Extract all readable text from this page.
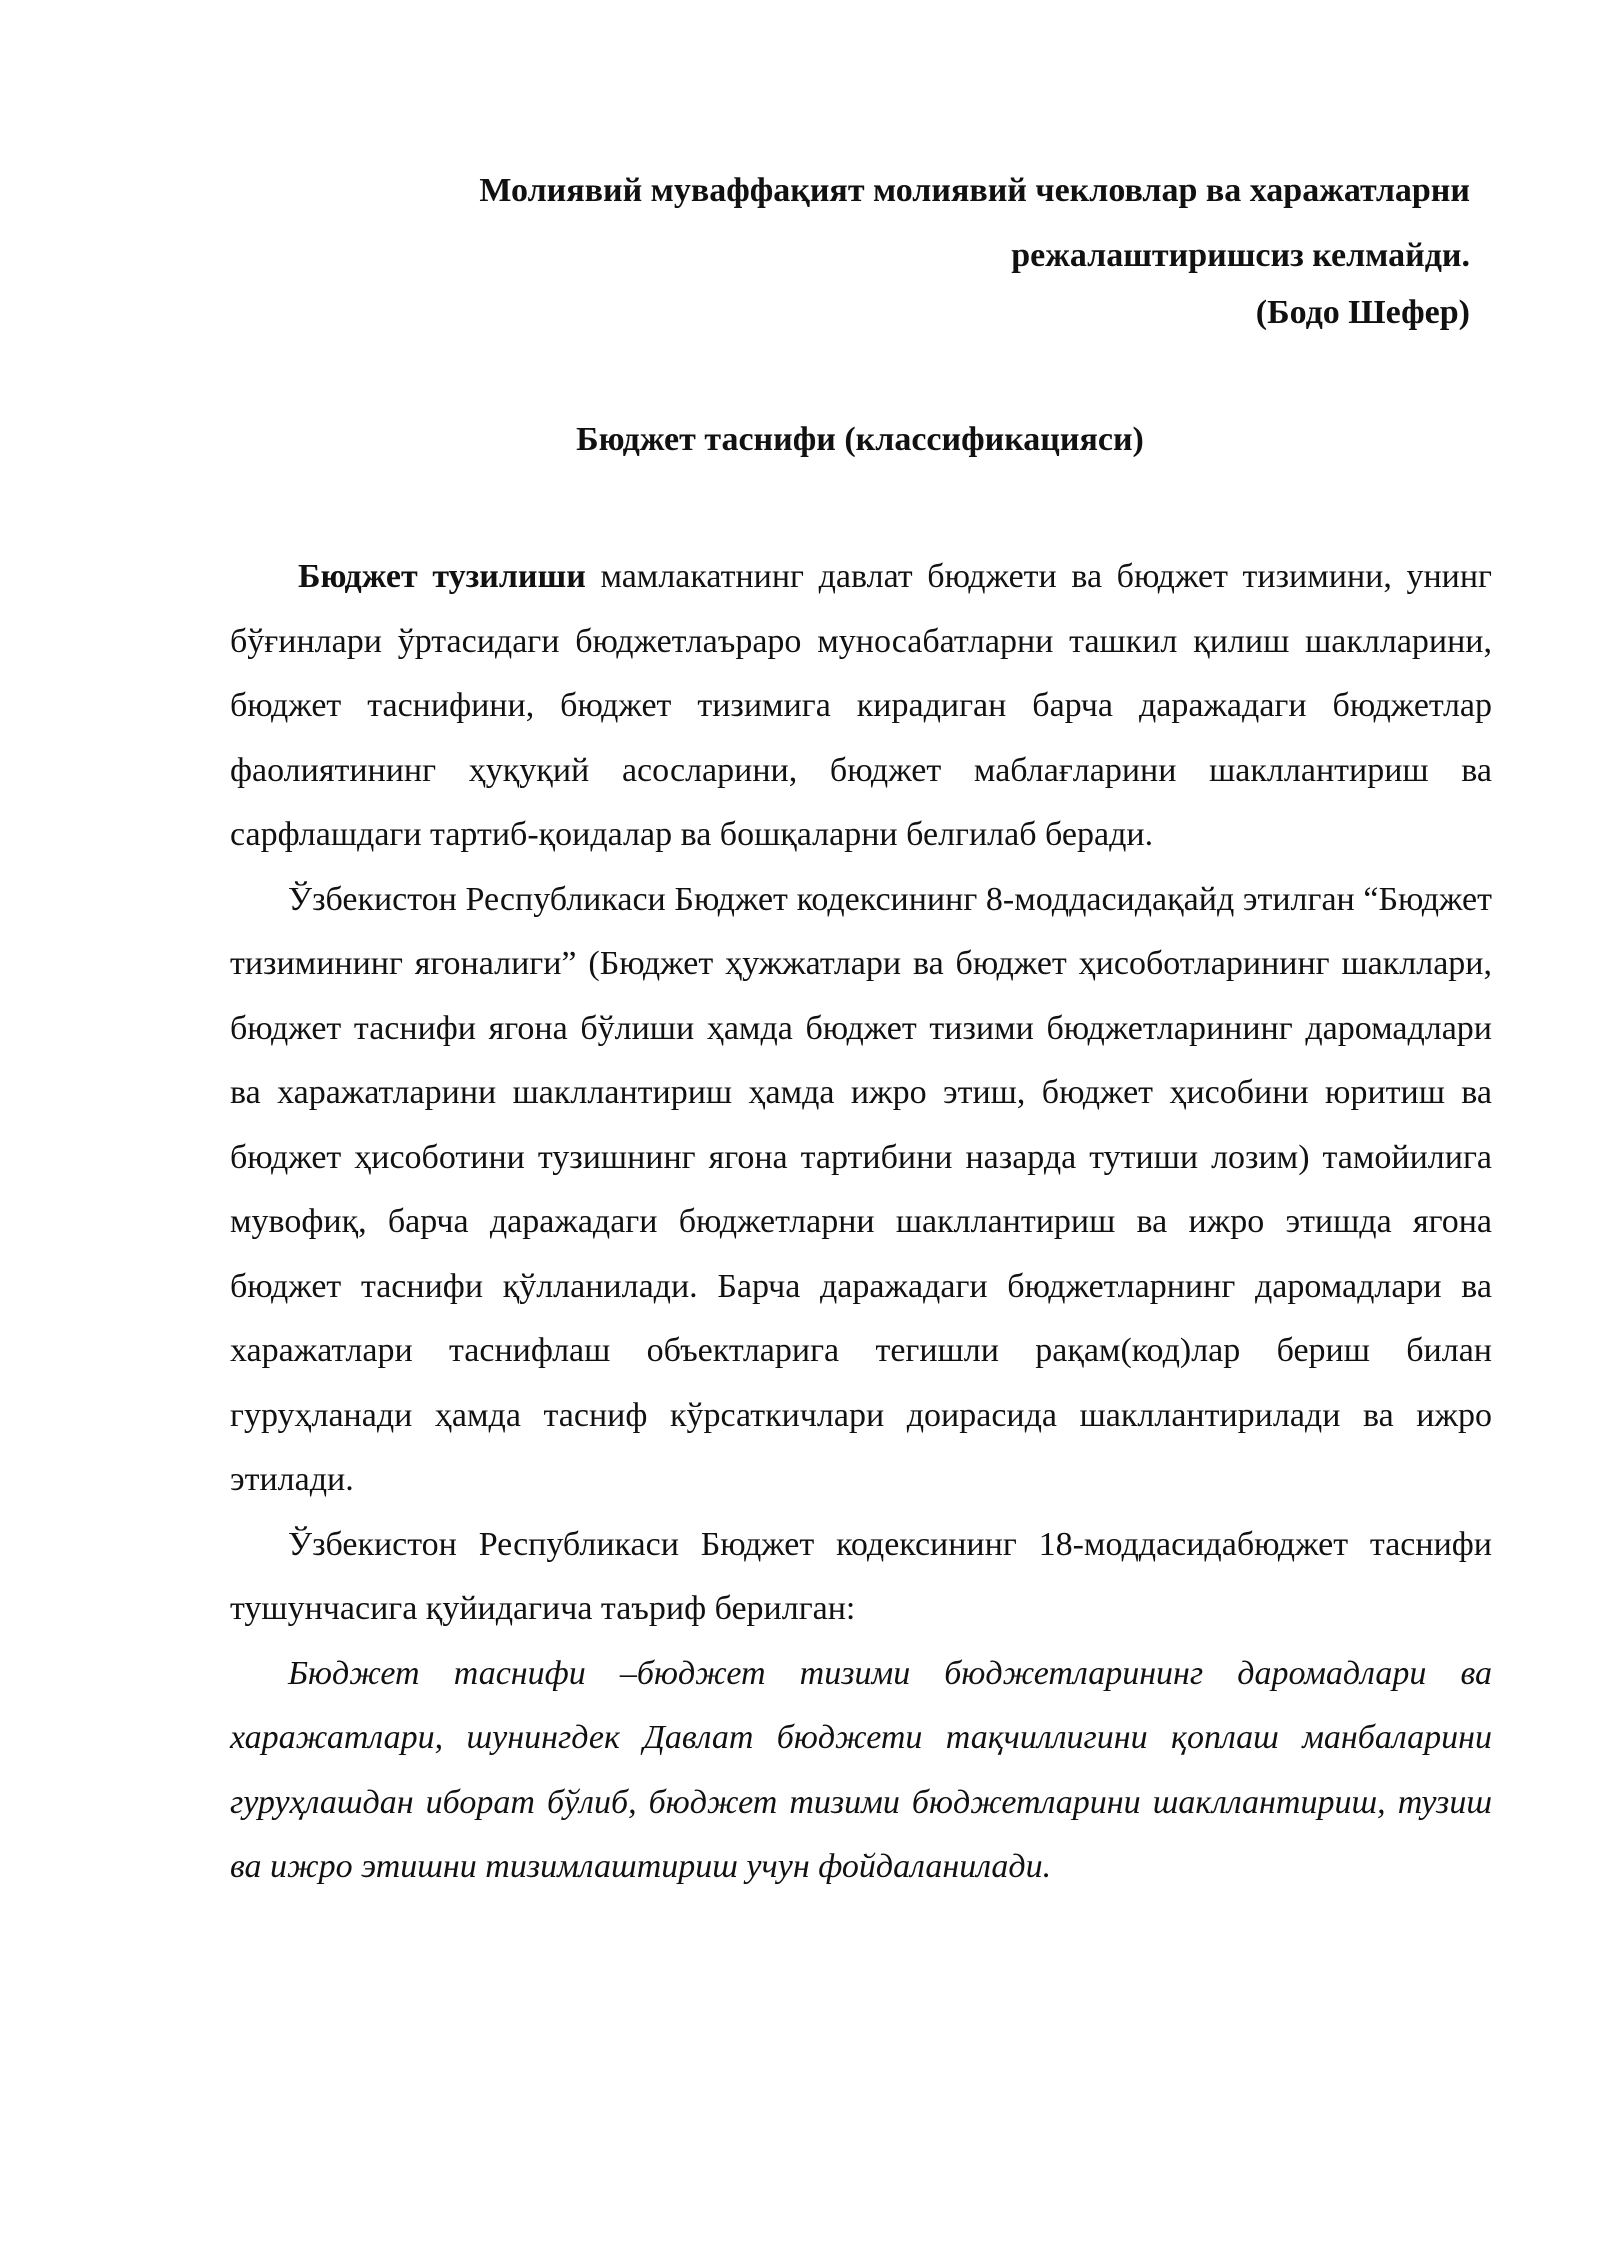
Молиявий муваффақият молиявий чекловлар ва харажатларни
режалаштиришсиз келмайди.
(Бодо Шефер)
Бюджет таснифи (классификацияси)

Бюджет тузилиши мамлакатнинг давлат бюджети ва бюджет тизимини, унинг бўғинлари ўртасидаги бюджетлаъраро муносабатларни ташкил қилиш шаклларини, бюджет таснифини, бюджет тизимига кирадиган барча даражадаги бюджетлар фаолиятининг ҳуқуқий асосларини, бюджет маблағларини шакллантириш ва сарфлашдаги тартиб-қоидалар ва бошқаларни белгилаб беради.

Ўзбекистон Республикаси Бюджет кодексининг 8-моддасидақайд этилган “Бюджет тизимининг ягоналиги” (Бюджет ҳужжатлари ва бюджет ҳисоботларининг шакллари, бюджет таснифи ягона бўлиши ҳамда бюджет тизими бюджетларининг даромадлари ва харажатларини шакллантириш ҳамда ижро этиш, бюджет ҳисобини юритиш ва бюджет ҳисоботини тузишнинг ягона тартибини назарда тутиши лозим) тамойилига мувофиқ, барча даражадаги бюджетларни шакллантириш ва ижро этишда ягона бюджет таснифи қўлланилади. Барча даражадаги бюджетларнинг даромадлари ва харажатлари таснифлаш объектларига тегишли рақам(код)лар бериш билан гуруҳланади ҳамда тасниф кўрсаткичлари доирасида шакллантирилади ва ижро этилади.

Ўзбекистон Республикаси Бюджет кодексининг 18-моддасидабюджет таснифи тушунчасига қуйидагича таъриф берилган:

Бюджет таснифи –бюджет тизими бюджетларининг даромадлари ва харажатлари, шунингдек Давлат бюджети тақчиллигини қоплаш манбаларини гуруҳлашдан иборат бўлиб, бюджет тизими бюджетларини шакллантириш, тузиш ва ижро этишни тизимлаштириш учун фойдаланилади.
